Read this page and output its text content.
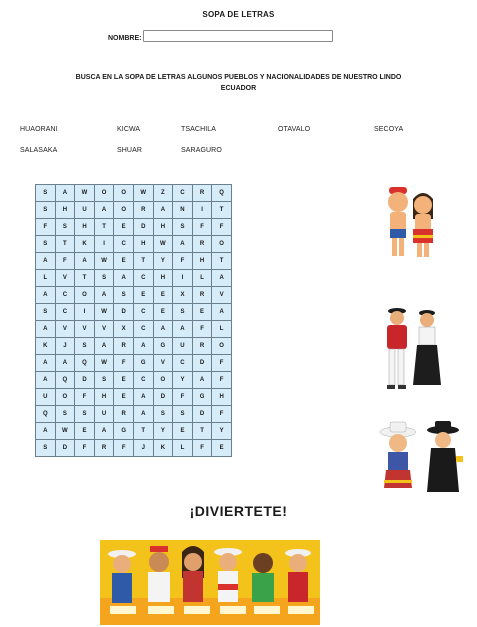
SOPA DE LETRAS
NOMBRE:
BUSCA EN LA SOPA DE LETRAS ALGUNOS PUEBLOS Y NACIONALIDADES DE NUESTRO LINDO
ECUADOR
HUAORANI	KICWA	TSACHILA	OTAVALO	SECOYA
SALASAKA	SHUAR	SARAGURO
S	A	W	O	O	W	Z	C	R	Q
S	H	U	A	O	R	A	N	I	T
F	S	H	T	E	D	H	S	F	F
S	T	K	I	C	H	W	A	R	O
A	F	A	W	E	T	Y	F	H	T
L	V	T	S	A	C	H	I	L	A
A	C	O	A	S	E	E	X	R	V
S	C	I	W	D	C	E	S	E	A
A	V	V	V	X	C	A	A	F	L
K	J	S	A	R	A	G	U	R	O
A	A	Q	W	F	G	V	C	D	F
A	Q	D	S	E	C	O	Y	A	F
U	O	F	H	E	A	D	F	G	H
Q	S	S	U	R	A	S	S	D	F
A	W	E	A	G	T	Y	E	T	Y
S	D	F	R	F	J	K	L	F	E
¡DIVIERTETE!
